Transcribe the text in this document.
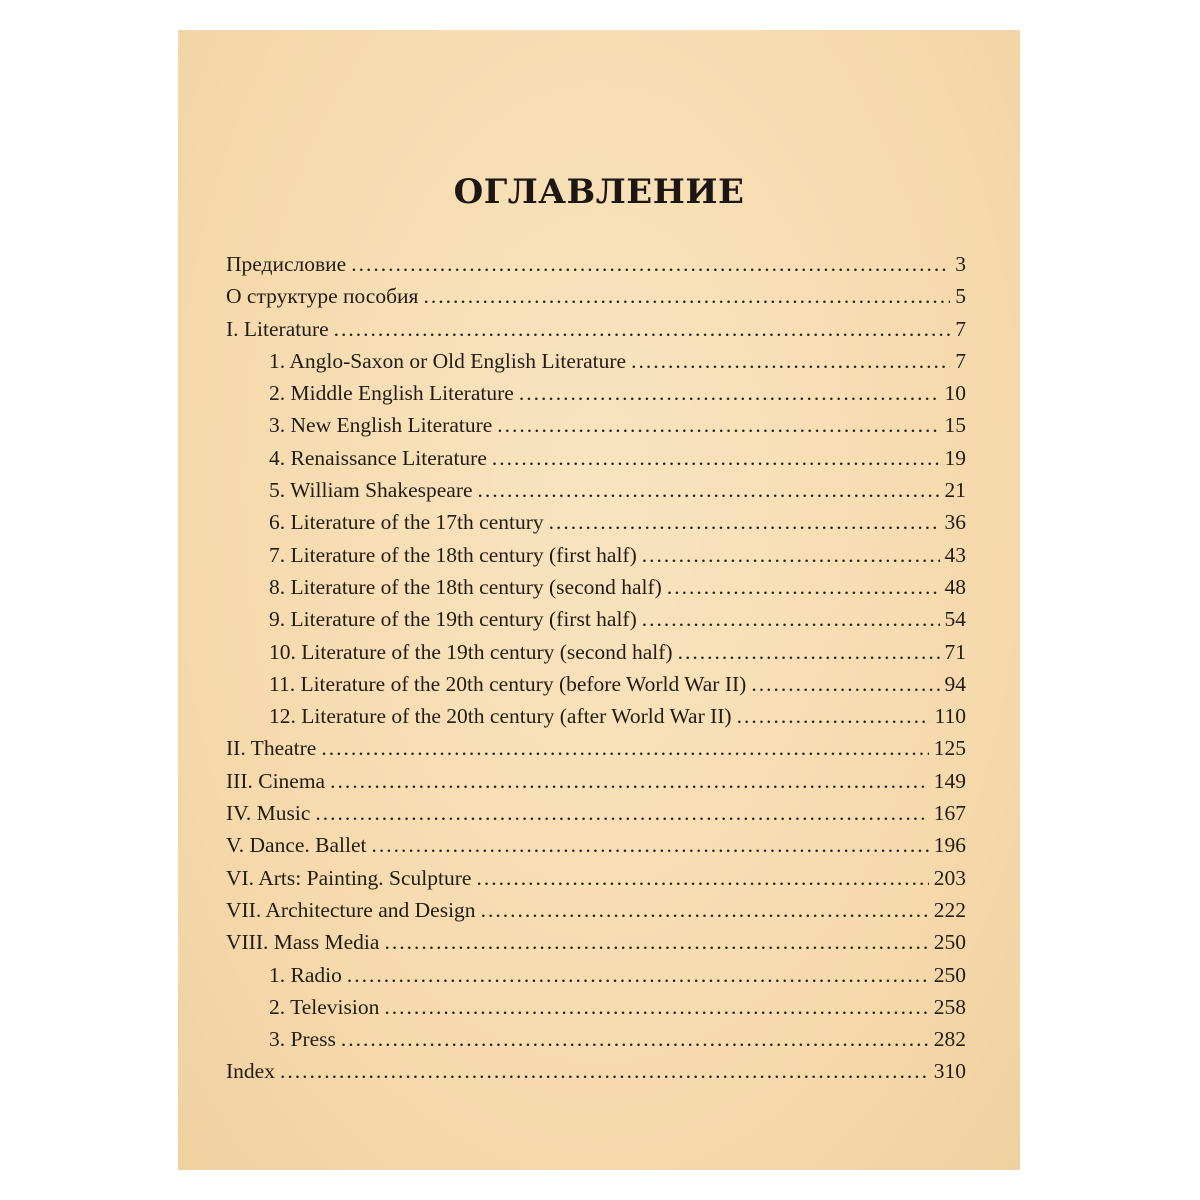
ОГЛАВЛЕНИЕ
Предисловие .....	3
О структуре пособия .....	5
I. Literature .....	7
1. Anglo-Saxon or Old English Literature .....	7
2. Middle English Literature .....	10
3. New English Literature .....	15
4. Renaissance Literature .....	19
5. William Shakespeare .....	21
6. Literature of the 17th century .....	36
7. Literature of the 18th century (first half) .....	43
8. Literature of the 18th century (second half) .....	48
9. Literature of the 19th century (first half) .....	54
10. Literature of the 19th century (second half) .....	71
11. Literature of the 20th century (before World War II) .....	94
12. Literature of the 20th century (after World War II) .....	110
II. Theatre .....	125
III. Cinema .....	149
IV. Music .....	167
V. Dance. Ballet .....	196
VI. Arts: Painting. Sculpture .....	203
VII. Architecture and Design .....	222
VIII. Mass Media .....	250
1. Radio .....	250
2. Television .....	258
3. Press .....	282
Index .....	310
